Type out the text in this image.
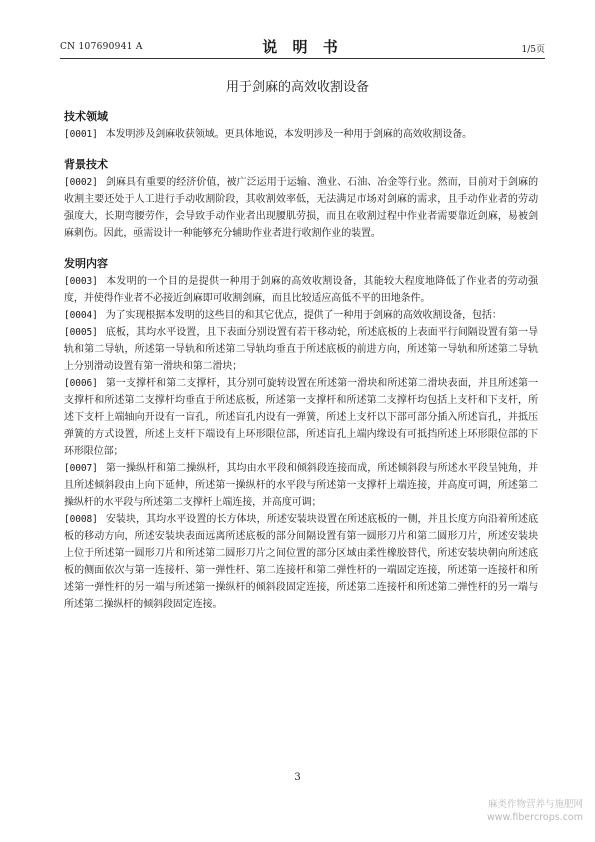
CN 107690941 A	说 明 书	1/5页
用于剑麻的高效收割设备
技术领域

[0001] 本发明涉及剑麻收获领域。更具体地说，本发明涉及一种用于剑麻的高效收割设备。

背景技术

[0002] 剑麻具有重要的经济价值，被广泛运用于运输、渔业、石油、冶金等行业。然而，目前对于剑麻的收割主要还处于人工进行手动收割阶段，其收割效率低，无法满足市场对剑麻的需求，且手动作业者的劳动强度大，长期弯腰劳作，会导致手动作业者出现腰肌劳损，而且在收割过程中作业者需要靠近剑麻，易被剑麻刺伤。因此，亟需设计一种能够充分辅助作业者进行收割作业的装置。

发明内容

[0003] 本发明的一个目的是提供一种用于剑麻的高效收割设备，其能较大程度地降低了作业者的劳动强度，并使得作业者不必接近剑麻即可收割剑麻，而且比较适应高低不平的田地条件。

[0004] 为了实现根据本发明的这些目的和其它优点，提供了一种用于剑麻的高效收割设备，包括：

[0005] 底板，其均水平设置，且下表面分别设置有若干移动轮，所述底板的上表面平行间隔设置有第一导轨和第二导轨，所述第一导轨和所述第二导轨均垂直于所述底板的前进方向，所述第一导轨和所述第二导轨上分别滑动设置有第一滑块和第二滑块；

[0006] 第一支撑杆和第二支撑杆，其分别可旋转设置在所述第一滑块和所述第二滑块表面，并且所述第一支撑杆和所述第二支撑杆均垂直于所述底板，所述第一支撑杆和所述第二支撑杆均包括上支杆和下支杆，所述下支杆上端轴向开设有一盲孔，所述盲孔内设有一弹簧，所述上支杆以下部可部分插入所述盲孔，并抵压弹簧的方式设置，所述上支杆下端设有上环形限位部，所述盲孔上端内缘设有可抵挡所述上环形限位部的下环形限位部；

[0007] 第一操纵杆和第二操纵杆，其均由水平段和倾斜段连接而成，所述倾斜段与所述水平段呈钝角，并且所述倾斜段由上向下延伸，所述第一操纵杆的水平段与所述第一支撑杆上端连接，并高度可调，所述第二操纵杆的水平段与所述第二支撑杆上端连接，并高度可调；

[0008] 安装块，其均水平设置的长方体块，所述安装块设置在所述底板的一侧，并且长度方向沿着所述底板的移动方向，所述安装块表面远离所述底板的部分间隔设置有第一圆形刀片和第二圆形刀片，所述安装块上位于所述第一圆形刀片和所述第二圆形刀片之间位置的部分区域由柔性橡胶替代，所述安装块朝向所述底板的侧面依次与第一连接杆、第一弹性杆、第二连接杆和第二弹性杆的一端固定连接，所述第一连接杆和所述第一弹性杆的另一端与所述第一操纵杆的倾斜段固定连接，所述第二连接杆和所述第二弹性杆的另一端与所述第二操纵杆的倾斜段固定连接。

3
麻类作物营养与施肥网
www.fibercrops.com
